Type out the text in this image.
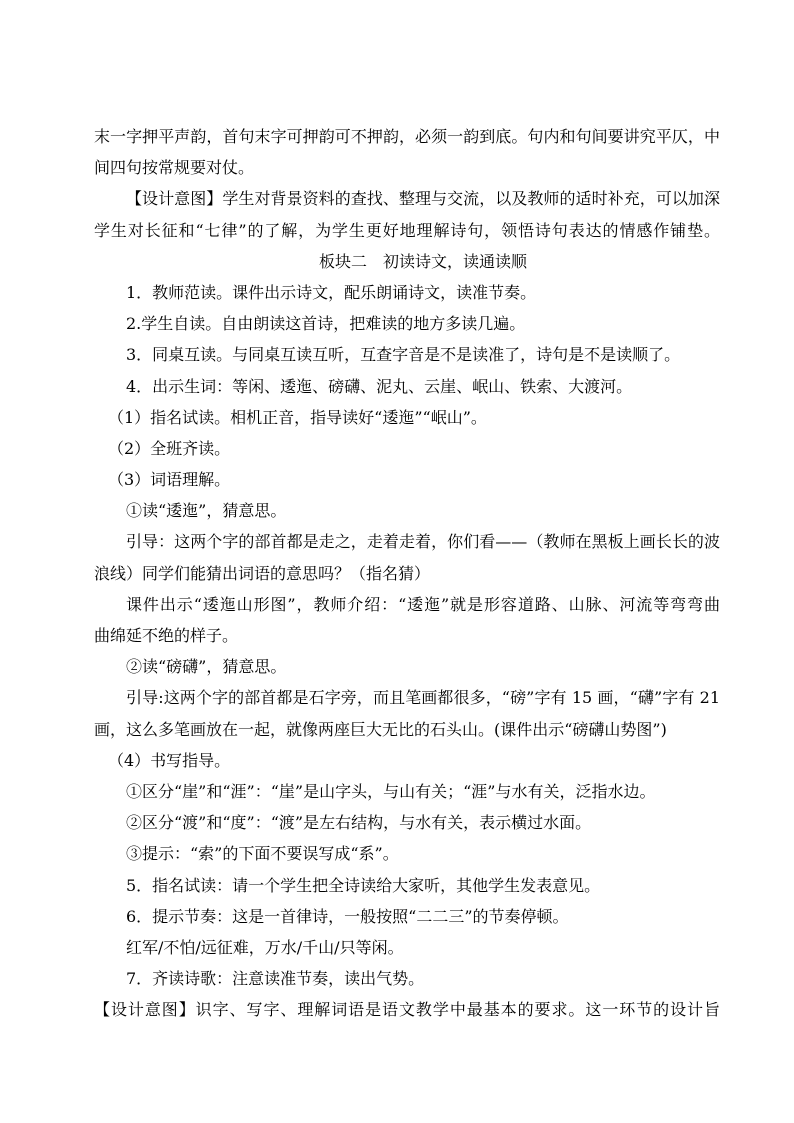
末一字押平声韵，首句末字可押韵可不押韵，必须一韵到底。句内和句间要讲究平仄，中
间四句按常规要对仗。
【设计意图】学生对背景资料的查找、整理与交流，以及教师的适时补充，可以加深
学生对长征和“七律”的了解，为学生更好地理解诗句，领悟诗句表达的情感作铺垫。
板块二　初读诗文，读通读顺
1．教师范读。课件出示诗文，配乐朗诵诗文，读准节奏。
2.学生自读。自由朗读这首诗，把难读的地方多读几遍。
3．同桌互读。与同桌互读互听，互查字音是不是读准了，诗句是不是读顺了。
4．出示生词：等闲、逶迤、磅礴、泥丸、云崖、岷山、铁索、大渡河。
（1）指名试读。相机正音，指导读好“逶迤”“岷山”。
（2）全班齐读。
（3）词语理解。
①读“逶迤”，猜意思。
引导：这两个字的部首都是走之，走着走着，你们看——（教师在黑板上画长长的波
浪线）同学们能猜出词语的意思吗？（指名猜）
课件出示“逶迤山形图”，教师介绍：“逶迤”就是形容道路、山脉、河流等弯弯曲
曲绵延不绝的样子。
②读“磅礴”，猜意思。
引导:这两个字的部首都是石字旁，而且笔画都很多，“磅”字有 15 画，“礴”字有 21
画，这么多笔画放在一起，就像两座巨大无比的石头山。(课件出示“磅礴山势图”)
（4）书写指导。
①区分“崖”和“涯”：“崖”是山字头，与山有关；“涯”与水有关，泛指水边。
②区分“渡”和“度”：“渡”是左右结构，与水有关，表示横过水面。
③提示：“索”的下面不要误写成“系”。
5．指名试读：请一个学生把全诗读给大家听，其他学生发表意见。
6．提示节奏：这是一首律诗，一般按照“二二三”的节奏停顿。
红军/不怕/远征难，万水/千山/只等闲。
7．齐读诗歌：注意读准节奏，读出气势。
【设计意图】识字、写字、理解词语是语文教学中最基本的要求。这一环节的设计旨
